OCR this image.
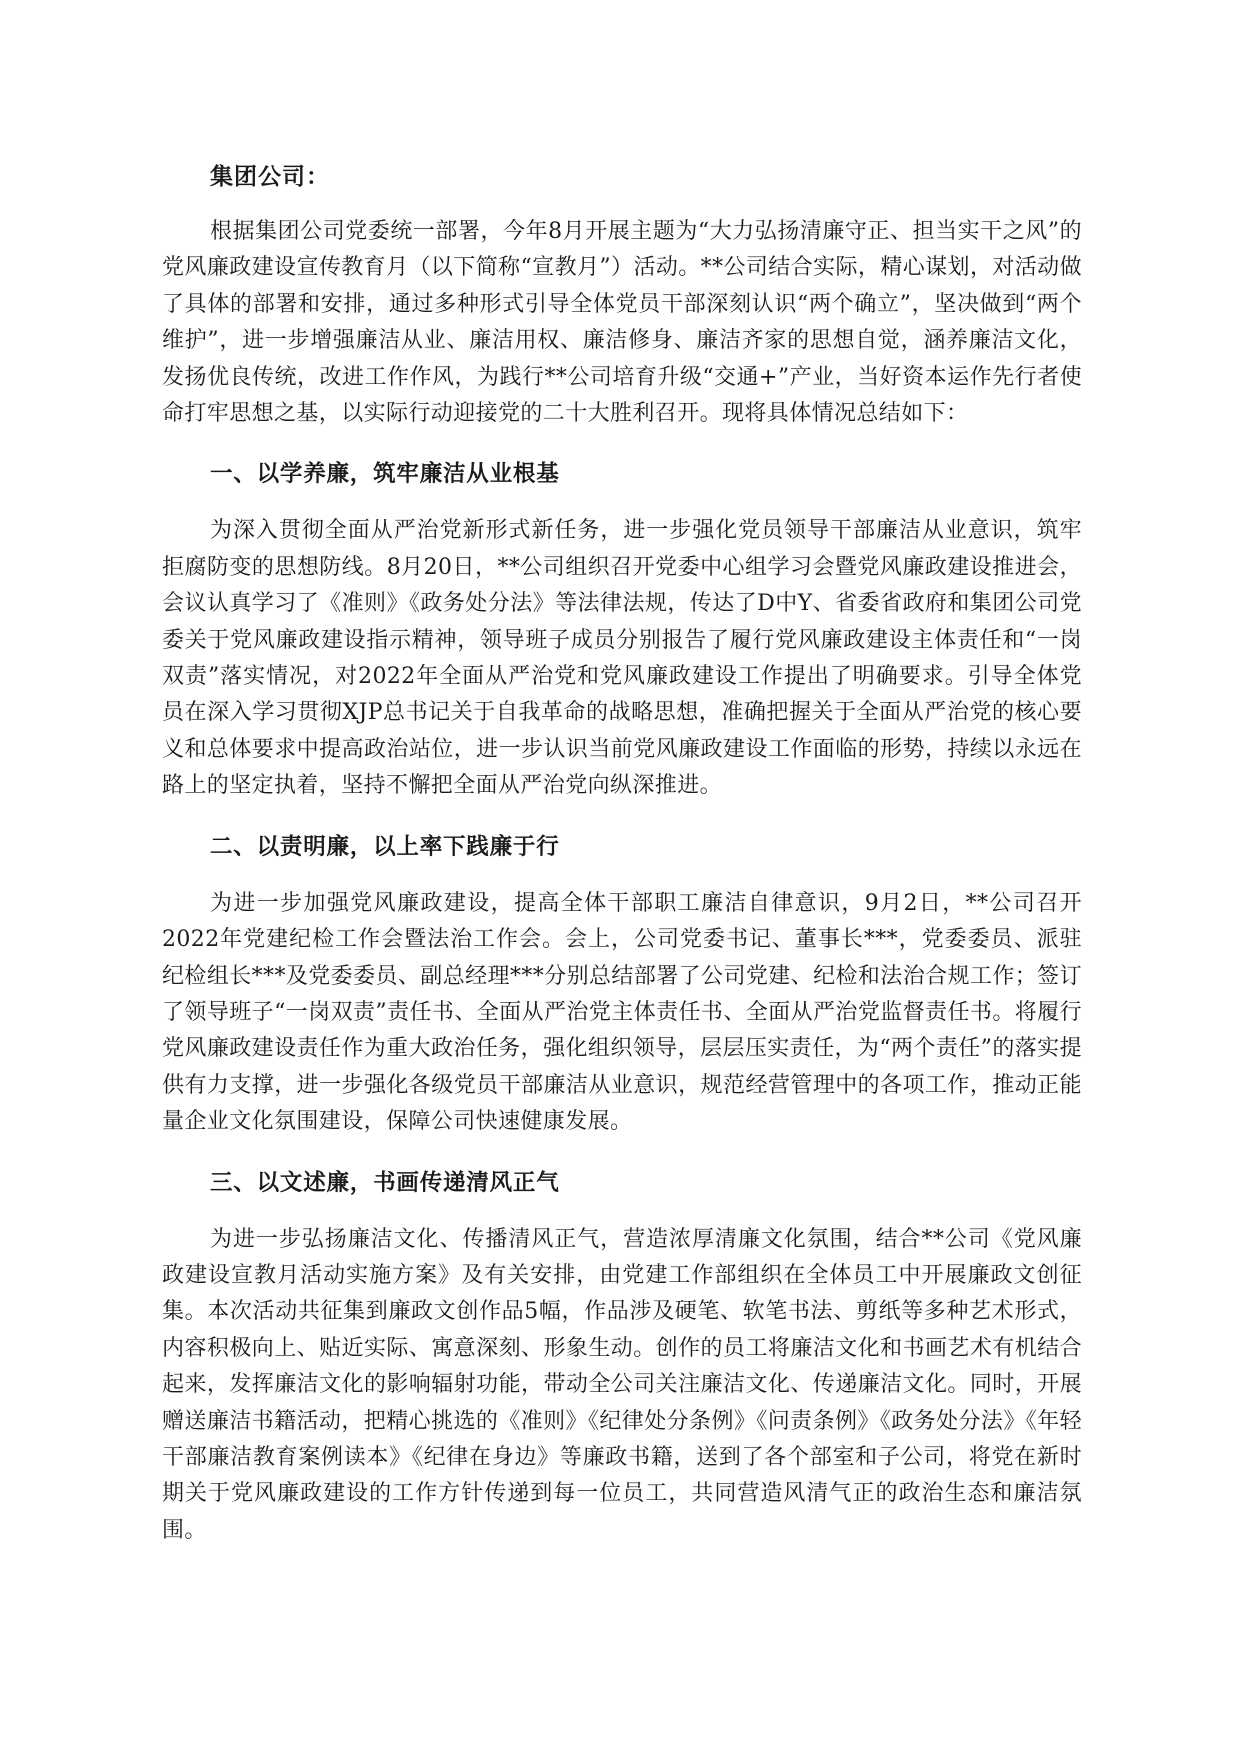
集团公司：

根据集团公司党委统一部署，今年8月开展主题为“大力弘扬清廉守正、担当实干之风”的党风廉政建设宣传教育月（以下简称“宣教月”）活动。**公司结合实际，精心谋划，对活动做了具体的部署和安排，通过多种形式引导全体党员干部深刻认识“两个确立”，坚决做到“两个维护”，进一步增强廉洁从业、廉洁用权、廉洁修身、廉洁齐家的思想自觉，涵养廉洁文化，发扬优良传统，改进工作作风，为践行**公司培育升级“交通+”产业，当好资本运作先行者使命打牢思想之基，以实际行动迎接党的二十大胜利召开。现将具体情况总结如下：

一、以学养廉，筑牢廉洁从业根基

为深入贯彻全面从严治党新形式新任务，进一步强化党员领导干部廉洁从业意识，筑牢拒腐防变的思想防线。8月20日，**公司组织召开党委中心组学习会暨党风廉政建设推进会，会议认真学习了《准则》《政务处分法》等法律法规，传达了D中Y、省委省政府和集团公司党委关于党风廉政建设指示精神，领导班子成员分别报告了履行党风廉政建设主体责任和“一岗双责”落实情况，对2022年全面从严治党和党风廉政建设工作提出了明确要求。引导全体党员在深入学习贯彻XJP总书记关于自我革命的战略思想，准确把握关于全面从严治党的核心要义和总体要求中提高政治站位，进一步认识当前党风廉政建设工作面临的形势，持续以永远在路上的坚定执着，坚持不懈把全面从严治党向纵深推进。

二、以责明廉，以上率下践廉于行

为进一步加强党风廉政建设，提高全体干部职工廉洁自律意识，9月2日，**公司召开2022年党建纪检工作会暨法治工作会。会上，公司党委书记、董事长***，党委委员、派驻纪检组长***及党委委员、副总经理***分别总结部署了公司党建、纪检和法治合规工作；签订了领导班子“一岗双责”责任书、全面从严治党主体责任书、全面从严治党监督责任书。将履行党风廉政建设责任作为重大政治任务，强化组织领导，层层压实责任，为“两个责任”的落实提供有力支撑，进一步强化各级党员干部廉洁从业意识，规范经营管理中的各项工作，推动正能量企业文化氛围建设，保障公司快速健康发展。

三、以文述廉，书画传递清风正气

为进一步弘扬廉洁文化、传播清风正气，营造浓厚清廉文化氛围，结合**公司《党风廉政建设宣教月活动实施方案》及有关安排，由党建工作部组织在全体员工中开展廉政文创征集。本次活动共征集到廉政文创作品5幅，作品涉及硬笔、软笔书法、剪纸等多种艺术形式，内容积极向上、贴近实际、寓意深刻、形象生动。创作的员工将廉洁文化和书画艺术有机结合起来，发挥廉洁文化的影响辐射功能，带动全公司关注廉洁文化、传递廉洁文化。同时，开展赠送廉洁书籍活动，把精心挑选的《准则》《纪律处分条例》《问责条例》《政务处分法》《年轻干部廉洁教育案例读本》《纪律在身边》等廉政书籍，送到了各个部室和子公司，将党在新时期关于党风廉政建设的工作方针传递到每一位员工，共同营造风清气正的政治生态和廉洁氛围。
